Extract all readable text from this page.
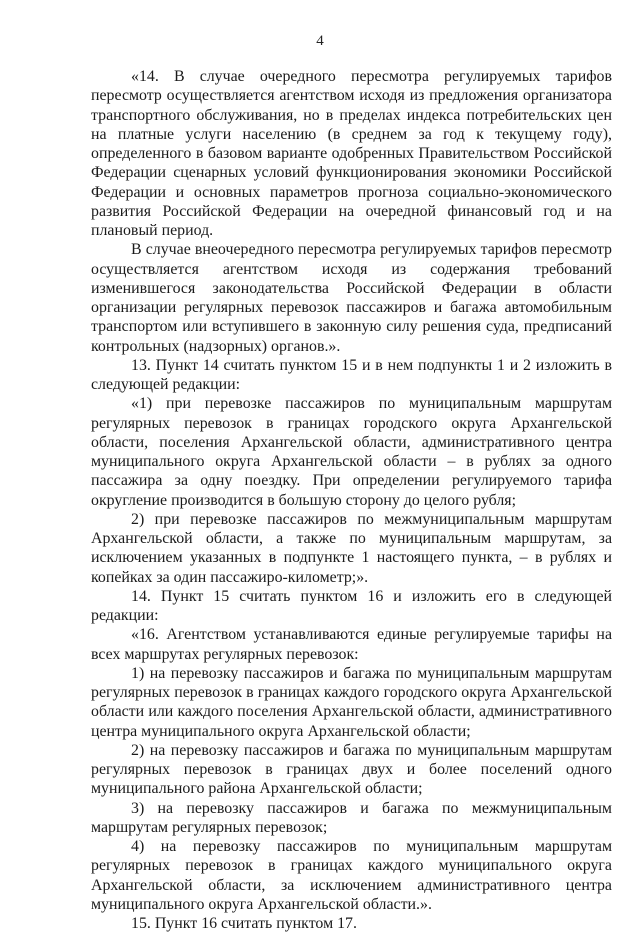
4

«14. В случае очередного пересмотра регулируемых тарифов пересмотр осуществляется агентством исходя из предложения организатора транспортного обслуживания, но в пределах индекса потребительских цен на платные услуги населению (в среднем за год к текущему году), определенного в базовом варианте одобренных Правительством Российской Федерации сценарных условий функционирования экономики Российской Федерации и основных параметров прогноза социально-экономического развития Российской Федерации на очередной финансовый год и на плановый период.

В случае внеочередного пересмотра регулируемых тарифов пересмотр осуществляется агентством исходя из содержания требований изменившегося законодательства Российской Федерации в области организации регулярных перевозок пассажиров и багажа автомобильным транспортом или вступившего в законную силу решения суда, предписаний контрольных (надзорных) органов.».

13. Пункт 14 считать пунктом 15 и в нем подпункты 1 и 2 изложить в следующей редакции:

«1) при перевозке пассажиров по муниципальным маршрутам регулярных перевозок в границах городского округа Архангельской области, поселения Архангельской области, административного центра муниципального округа Архангельской области – в рублях за одного пассажира за одну поездку. При определении регулируемого тарифа округление производится в большую сторону до целого рубля;

2) при перевозке пассажиров по межмуниципальным маршрутам Архангельской области, а также по муниципальным маршрутам, за исключением указанных в подпункте 1 настоящего пункта, – в рублях и копейках за один пассажиро-километр;».

14. Пункт 15 считать пунктом 16 и изложить его в следующей редакции:

«16. Агентством устанавливаются единые регулируемые тарифы на всех маршрутах регулярных перевозок:

1) на перевозку пассажиров и багажа по муниципальным маршрутам регулярных перевозок в границах каждого городского округа Архангельской области или каждого поселения Архангельской области, административного центра муниципального округа Архангельской области;

2) на перевозку пассажиров и багажа по муниципальным маршрутам регулярных перевозок в границах двух и более поселений одного муниципального района Архангельской области;

3) на перевозку пассажиров и багажа по межмуниципальным маршрутам регулярных перевозок;

4) на перевозку пассажиров по муниципальным маршрутам регулярных перевозок в границах каждого муниципального округа Архангельской области, за исключением административного центра муниципального округа Архангельской области.».

15. Пункт 16 считать пунктом 17.
